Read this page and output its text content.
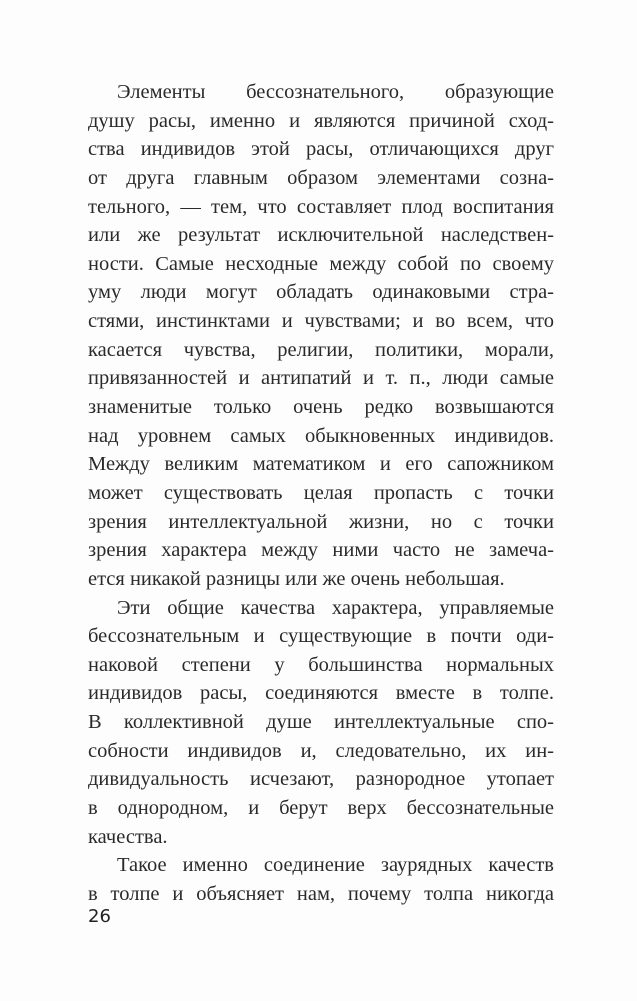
Элементы бессознательного, образующие
душу расы, именно и являются причиной сход-
ства индивидов этой расы, отличающихся друг
от друга главным образом элементами созна-
тельного, — тем, что составляет плод воспитания
или же результат исключительной наследствен-
ности. Самые несходные между собой по своему
уму люди могут обладать одинаковыми стра-
стями, инстинктами и чувствами; и во всем, что
касается чувства, религии, политики, морали,
привязанностей и антипатий и т. п., люди самые
знаменитые только очень редко возвышаются
над уровнем самых обыкновенных индивидов.
Между великим математиком и его сапожником
может существовать целая пропасть с точки
зрения интеллектуальной жизни, но с точки
зрения характера между ними часто не замеча-
ется никакой разницы или же очень небольшая.
Эти общие качества характера, управляемые
бессознательным и существующие в почти оди-
наковой степени у большинства нормальных
индивидов расы, соединяются вместе в толпе.
В коллективной душе интеллектуальные спо-
собности индивидов и, следовательно, их ин-
дивидуальность исчезают, разнородное утопает
в однородном, и берут верх бессознательные
качества.
Такое именно соединение заурядных качеств
в толпе и объясняет нам, почему толпа никогда
26
